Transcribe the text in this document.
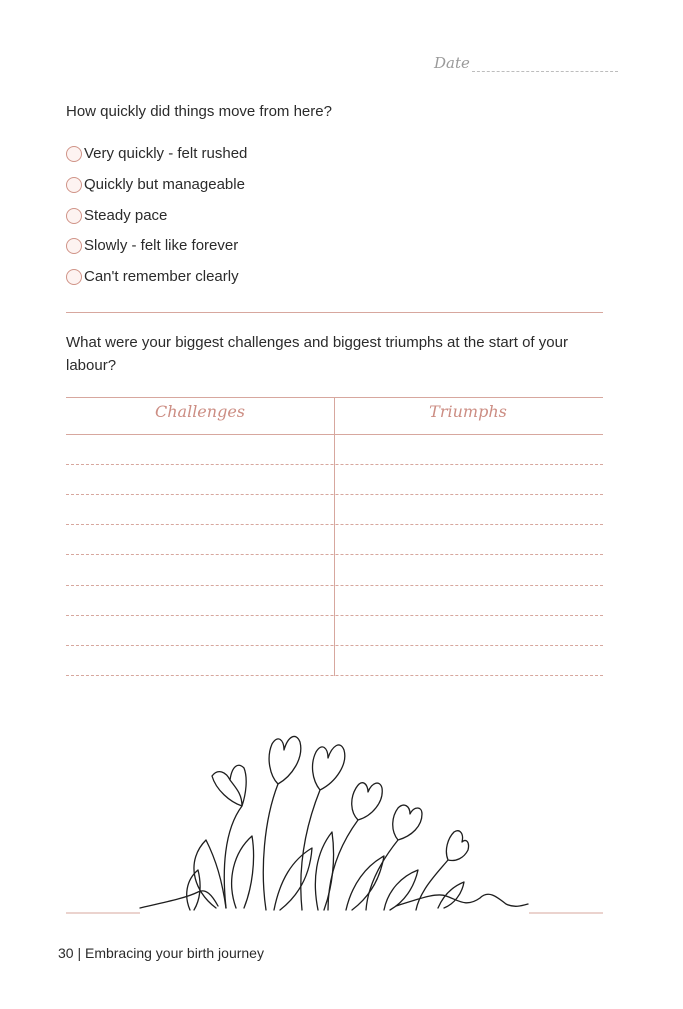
Date
How quickly did things move from here?
Very quickly - felt rushed
Quickly but manageable
Steady pace
Slowly - felt like forever
Can't remember clearly
What were your biggest challenges and biggest triumphs at the start of your labour?
Challenges	Triumphs
30 | Embracing your birth journey
